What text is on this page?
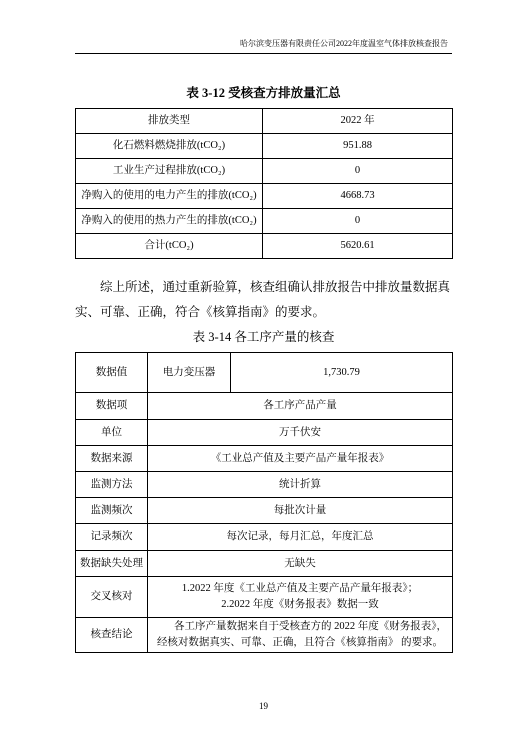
哈尔滨变压器有限责任公司2022年度温室气体排放核查报告
表 3-12 受核查方排放量汇总
排放类型	2022 年
化石燃料燃烧排放(tCO₂)	951.88
工业生产过程排放(tCO₂)	0
净购入的使用的电力产生的排放(tCO₂)	4668.73
净购入的使用的热力产生的排放(tCO₂)	0
合计(tCO₂)	5620.61
综上所述，通过重新验算，核查组确认排放报告中排放量数据真
实、可靠、正确，符合《核算指南》的要求。
表 3-14 各工序产量的核查
数据值	电力变压器	1,730.79
数据项	各工序产品产量	
单位	万千伏安	
数据来源	《工业总产值及主要产品产量年报表》	
监测方法	统计折算	
监测频次	每批次计量	
记录频次	每次记录，每月汇总，年度汇总	
数据缺失处理	无缺失	
交叉核对	1.2022 年度《工业总产值及主要产品产量年报表》；
2.2022 年度《财务报表》数据一致	

核查结论	各工序产量数据来自于受核查方的 2022 年度《财务报表》，
经核对数据真实、可靠、正确，且符合《核算指南》 的要求。	
19
